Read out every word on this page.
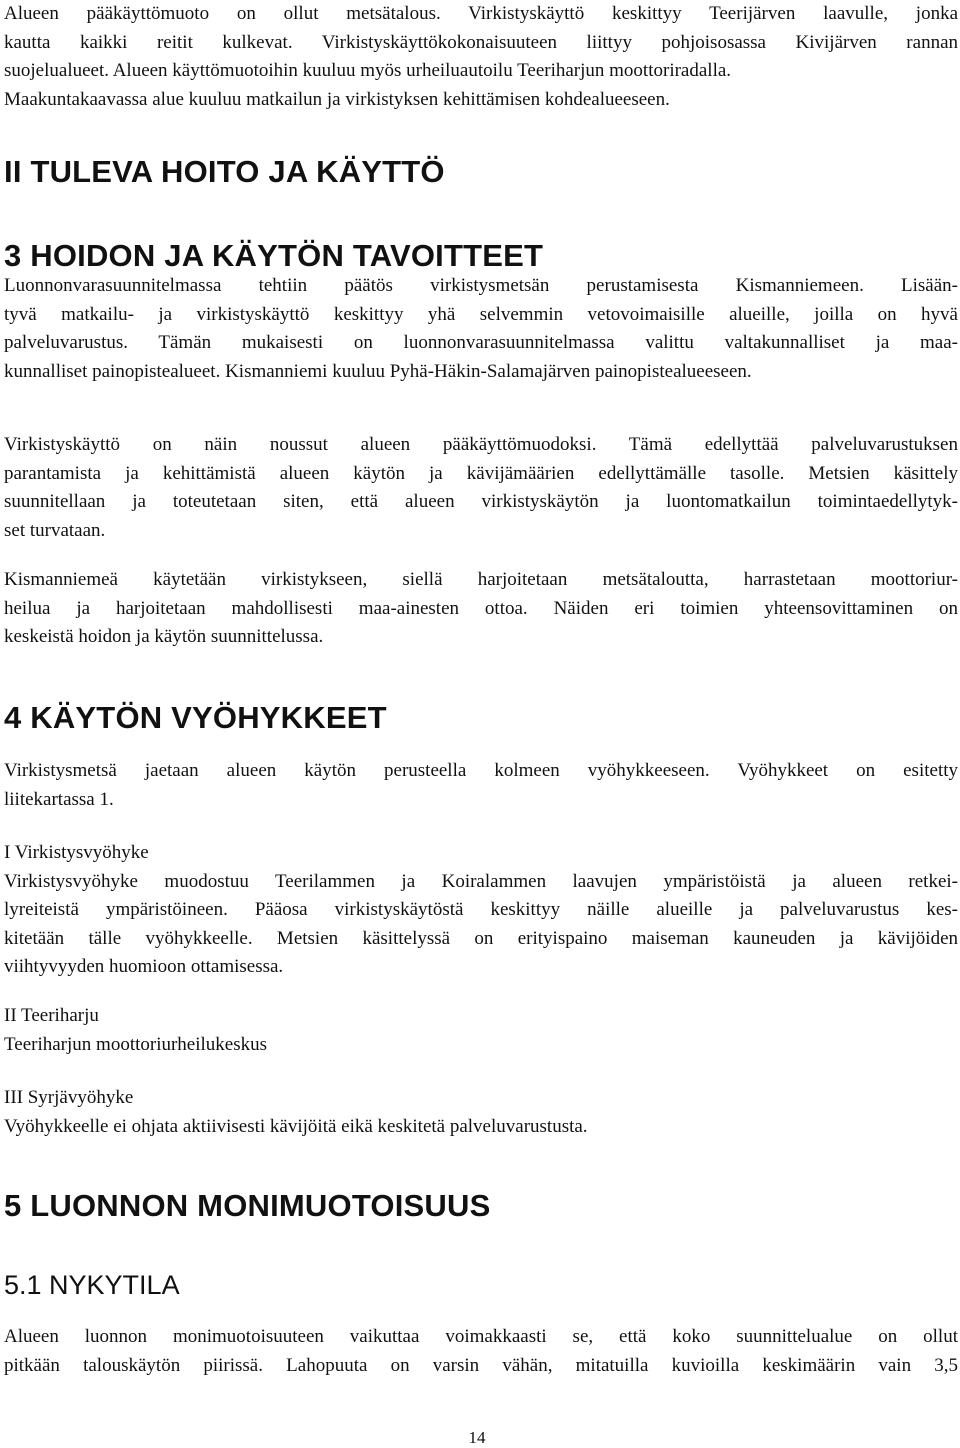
Alueen pääkäyttömuoto on ollut metsätalous. Virkistyskäyttö keskittyy Teerijärven laavulle, jonka
kautta kaikki reitit kulkevat. Virkistyskäyttökokonaisuuteen liittyy pohjoisosassa Kivijärven rannan
suojelualueet. Alueen käyttömuotoihin kuuluu myös urheiluautoilu Teeriharjun moottoriradalla.
Maakuntakaavassa alue kuuluu matkailun ja virkistyksen kehittämisen kohdealueeseen.
II TULEVA HOITO JA KÄYTTÖ
3 HOIDON JA KÄYTÖN TAVOITTEET
Luonnonvarasuunnitelmassa tehtiin päätös virkistysmetsän perustamisesta Kismanniemeen. Lisään-
tyvä matkailu- ja virkistyskäyttö keskittyy yhä selvemmin vetovoimaisille alueille, joilla on hyvä
palveluvarustus. Tämän mukaisesti on luonnonvarasuunnitelmassa valittu valtakunnalliset ja maa-
kunnalliset painopistealueet. Kismanniemi kuuluu Pyhä-Häkin-Salamajärven painopistealueeseen.
Virkistyskäyttö on näin noussut alueen pääkäyttömuodoksi. Tämä edellyttää palveluvarustuksen
parantamista ja kehittämistä alueen käytön ja kävijämäärien edellyttämälle tasolle. Metsien käsittely
suunnitellaan ja toteutetaan siten, että alueen virkistyskäytön ja luontomatkailun toimintaedellytyk-
set turvataan.
Kismanniemeä käytetään virkistykseen, siellä harjoitetaan metsätaloutta, harrastetaan moottoriur-
heilua ja harjoitetaan mahdollisesti maa-ainesten ottoa. Näiden eri toimien yhteensovittaminen on
keskeistä hoidon ja käytön suunnittelussa.
4 KÄYTÖN VYÖHYKKEET
Virkistysmetsä jaetaan alueen käytön perusteella kolmeen vyöhykkeeseen. Vyöhykkeet on esitetty
liitekartassa 1.
I Virkistysvyöhyke
Virkistysvyöhyke muodostuu Teerilammen ja Koiralammen laavujen ympäristöistä ja alueen retkei-
lyreiteistä ympäristöineen. Pääosa virkistyskäytöstä keskittyy näille alueille ja palveluvarustus kes-
kitetään tälle vyöhykkeelle. Metsien käsittelyssä on erityispaino maiseman kauneuden ja kävijöiden
viihtyvyyden huomioon ottamisessa.
II Teeriharju
Teeriharjun moottoriurheilukeskus
III Syrjävyöhyke
Vyöhykkeelle ei ohjata aktiivisesti kävijöitä eikä keskitetä palveluvarustusta.
5 LUONNON MONIMUOTOISUUS
5.1 NYKYTILA
Alueen luonnon monimuotoisuuteen vaikuttaa voimakkaasti se, että koko suunnittelualue on ollut
pitkään talouskäytön piirissä. Lahopuuta on varsin vähän, mitatuilla kuvioilla keskimäärin vain 3,5
14
